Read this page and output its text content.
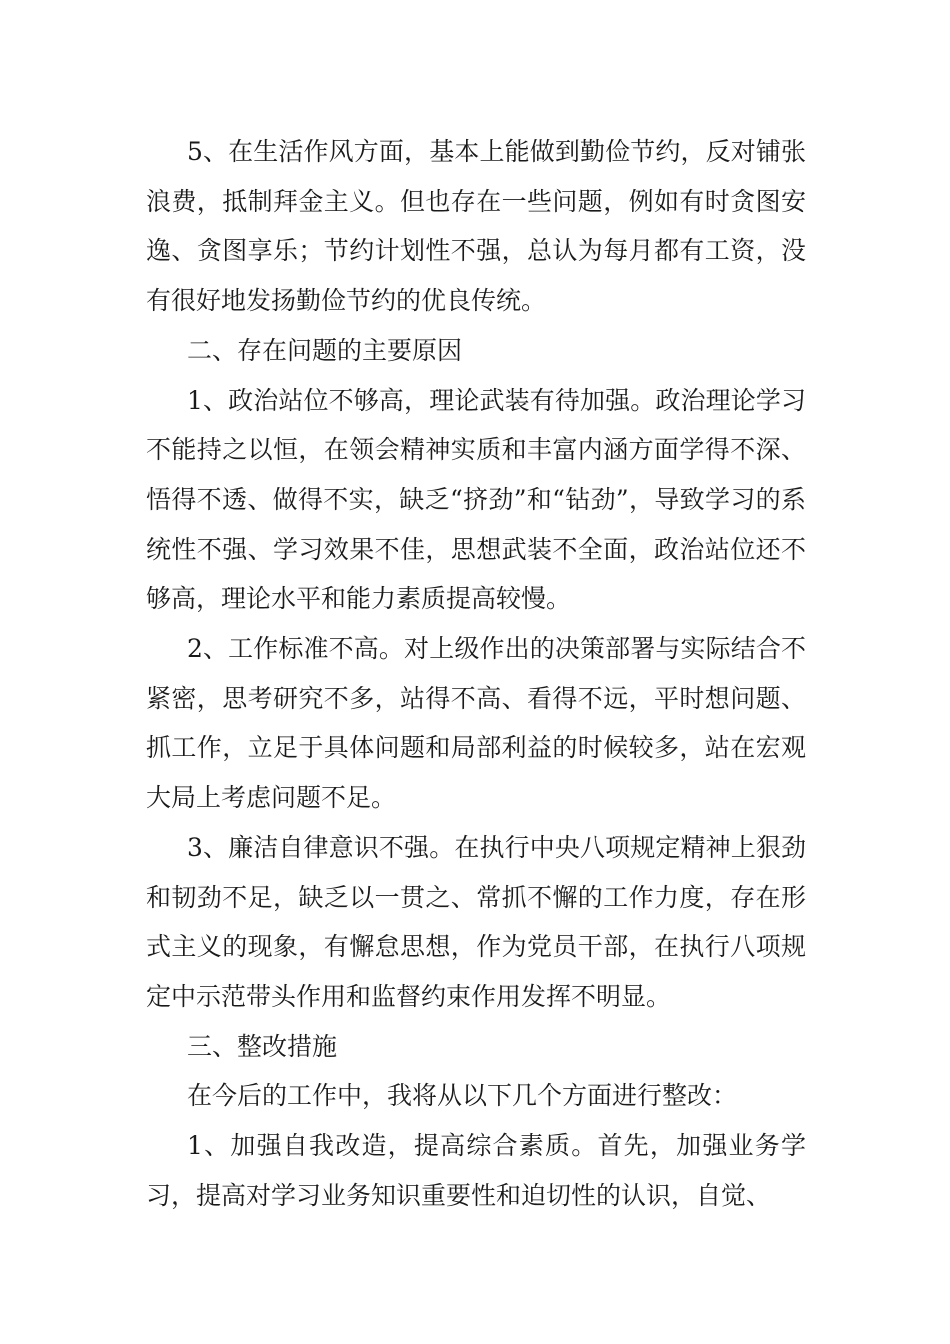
5、在生活作风方面，基本上能做到勤俭节约，反对铺张浪费，抵制拜金主义。但也存在一些问题，例如有时贪图安逸、贪图享乐；节约计划性不强，总认为每月都有工资，没有很好地发扬勤俭节约的优良传统。

二、存在问题的主要原因

1、政治站位不够高，理论武装有待加强。政治理论学习不能持之以恒，在领会精神实质和丰富内涵方面学得不深、悟得不透、做得不实，缺乏“挤劲”和“钻劲”，导致学习的系统性不强、学习效果不佳，思想武装不全面，政治站位还不够高，理论水平和能力素质提高较慢。

2、工作标准不高。对上级作出的决策部署与实际结合不紧密，思考研究不多，站得不高、看得不远，平时想问题、抓工作，立足于具体问题和局部利益的时候较多，站在宏观大局上考虑问题不足。

3、廉洁自律意识不强。在执行中央八项规定精神上狠劲和韧劲不足，缺乏以一贯之、常抓不懈的工作力度，存在形式主义的现象，有懈怠思想，作为党员干部，在执行八项规定中示范带头作用和监督约束作用发挥不明显。

三、整改措施

在今后的工作中，我将从以下几个方面进行整改：

1、加强自我改造，提高综合素质。首先，加强业务学习，提高对学习业务知识重要性和迫切性的认识，自觉、
